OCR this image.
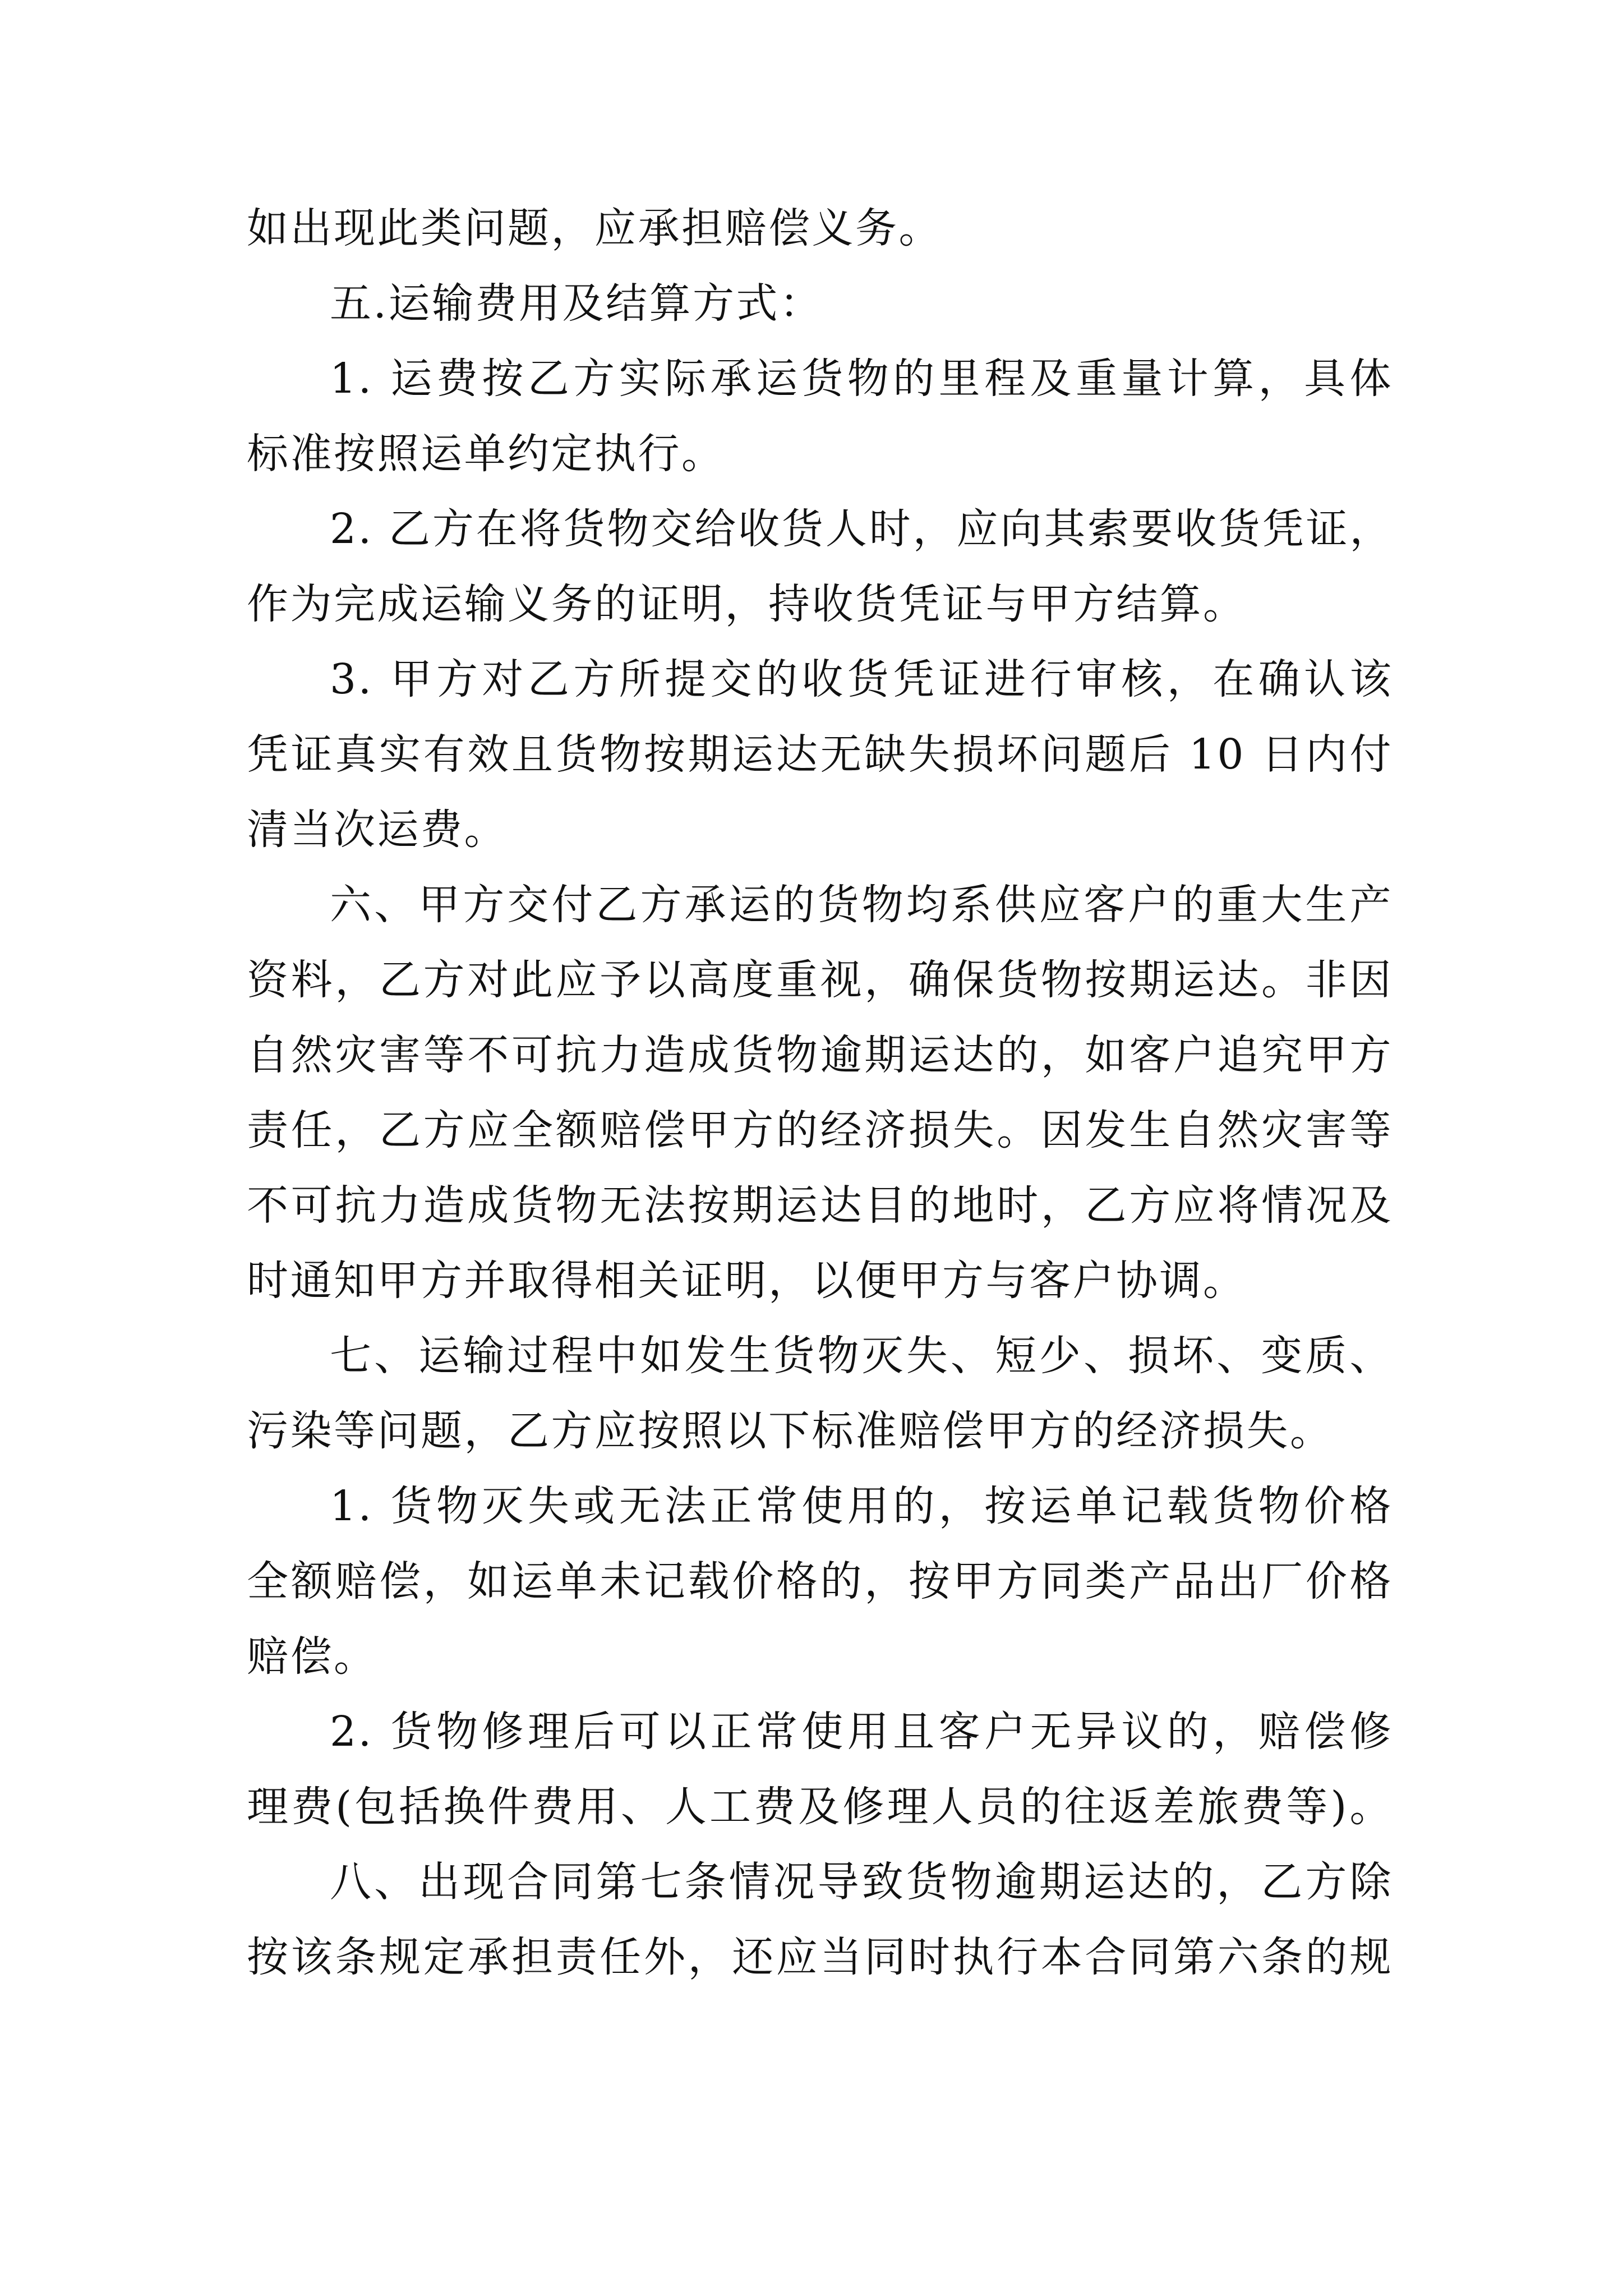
如出现此类问题，应承担赔偿义务。
五.运输费用及结算方式：
1. 运费按乙方实际承运货物的里程及重量计算，具体
标准按照运单约定执行。
2. 乙方在将货物交给收货人时，应向其索要收货凭证，
作为完成运输义务的证明，持收货凭证与甲方结算。
3. 甲方对乙方所提交的收货凭证进行审核，在确认该
凭证真实有效且货物按期运达无缺失损坏问题后 10 日内付
清当次运费。
六、甲方交付乙方承运的货物均系供应客户的重大生产
资料，乙方对此应予以高度重视，确保货物按期运达。非因
自然灾害等不可抗力造成货物逾期运达的，如客户追究甲方
责任，乙方应全额赔偿甲方的经济损失。因发生自然灾害等
不可抗力造成货物无法按期运达目的地时，乙方应将情况及
时通知甲方并取得相关证明，以便甲方与客户协调。
七、运输过程中如发生货物灭失、短少、损坏、变质、
污染等问题，乙方应按照以下标准赔偿甲方的经济损失。
1. 货物灭失或无法正常使用的，按运单记载货物价格
全额赔偿，如运单未记载价格的，按甲方同类产品出厂价格
赔偿。
2. 货物修理后可以正常使用且客户无异议的，赔偿修
理费(包括换件费用、人工费及修理人员的往返差旅费等)。
八、出现合同第七条情况导致货物逾期运达的，乙方除
按该条规定承担责任外，还应当同时执行本合同第六条的规
